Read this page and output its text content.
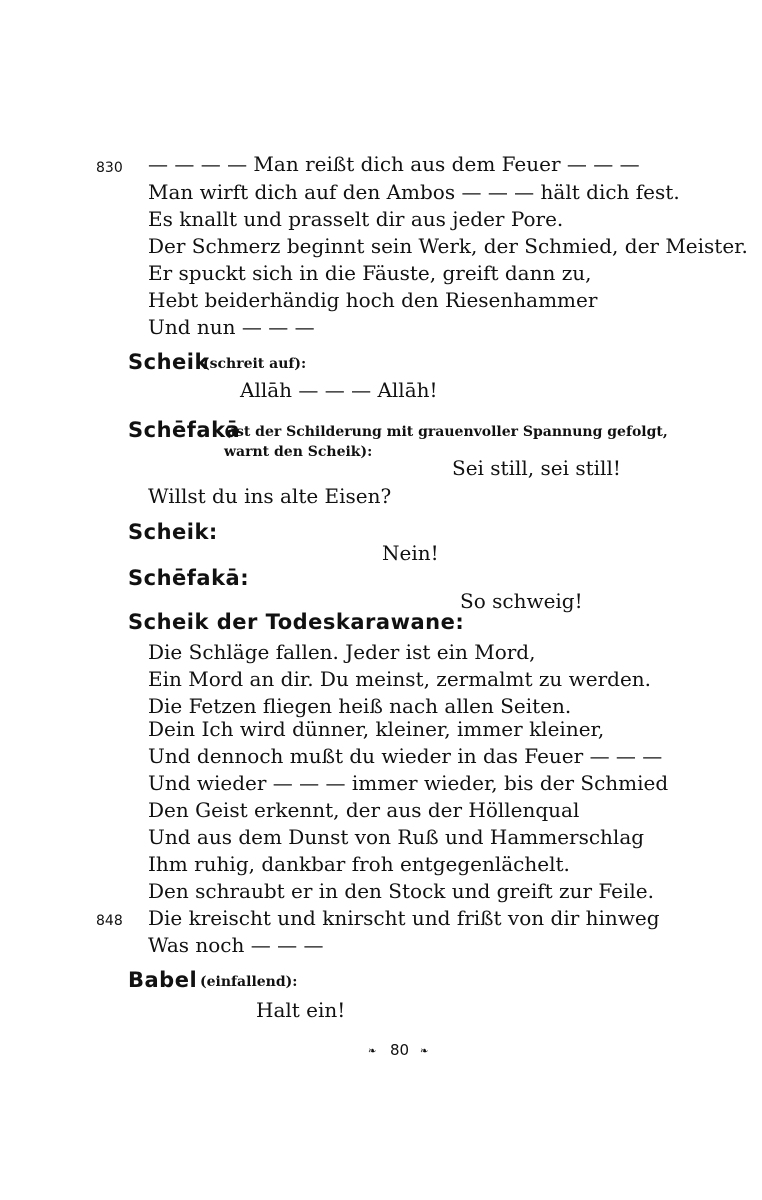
830 — — — — Man reißt dich aus dem Feuer — — —
Man wirft dich auf den Ambos — — — hält dich fest.
Es knallt und prasselt dir aus jeder Pore.
Der Schmerz beginnt sein Werk, der Schmied, der Meister.
Er spuckt sich in die Fäuste, greift dann zu,
Hebt beiderhändig hoch den Riesenhammer
Und nun — — —
Scheik
(schreit auf):
Allāh — — — Allāh!
Schēfakā
(ist der Schilderung mit grauenvoller Spannung gefolgt, warnt den Scheik):
Sei still, sei still!
Willst du ins alte Eisen?
Scheik:
Nein!
Schēfakā:
So schweig!
Scheik der Todeskarawane:
Die Schläge fallen. Jeder ist ein Mord,
Ein Mord an dir. Du meinst, zermalmt zu werden.
Die Fetzen fliegen heiß nach allen Seiten.
Dein Ich wird dünner, kleiner, immer kleiner,
Und dennoch mußt du wieder in das Feuer — — —
Und wieder — — — immer wieder, bis der Schmied
Den Geist erkennt, der aus der Höllenqual
Und aus dem Dunst von Ruß und Hammerschlag
Ihm ruhig, dankbar froh entgegenlächelt.
Den schraubt er in den Stock und greift zur Feile.
848 Die kreischt und knirscht und frißt von dir hinweg
Was noch — — —
Babel (einfallend):
Halt ein!
❧ 80 ❧
